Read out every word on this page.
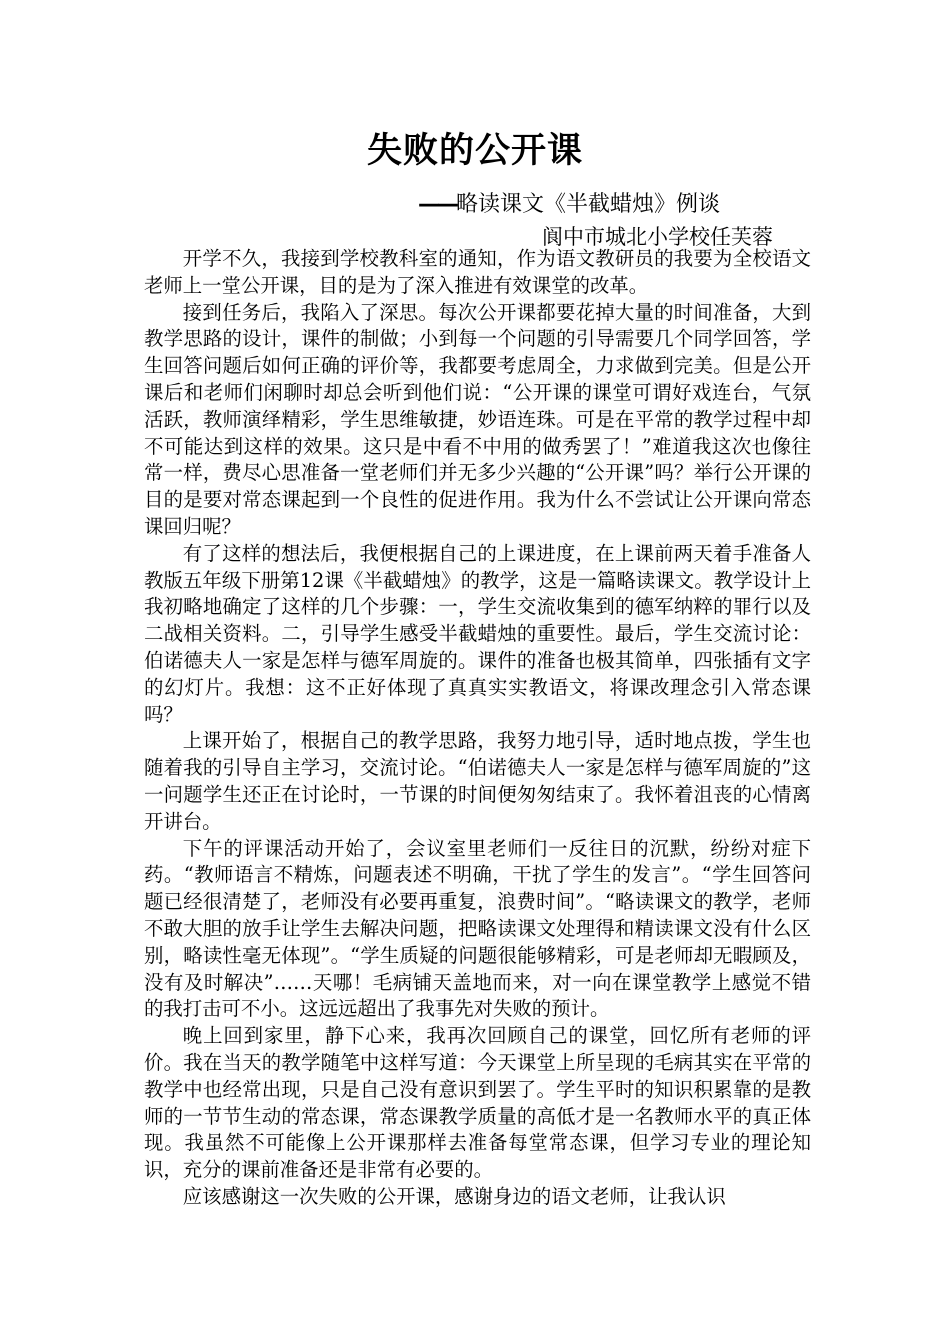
失败的公开课
——略读课文《半截蜡烛》例谈
阆中市城北小学校任芙蓉

开学不久，我接到学校教科室的通知，作为语文教研员的我要为全校语文老师上一堂公开课，目的是为了深入推进有效课堂的改革。

接到任务后，我陷入了深思。每次公开课都要花掉大量的时间准备，大到教学思路的设计，课件的制做；小到每一个问题的引导需要几个同学回答，学生回答问题后如何正确的评价等，我都要考虑周全，力求做到完美。但是公开课后和老师们闲聊时却总会听到他们说：“公开课的课堂可谓好戏连台，气氛活跃，教师演绎精彩，学生思维敏捷，妙语连珠。可是在平常的教学过程中却不可能达到这样的效果。这只是中看不中用的做秀罢了！”难道我这次也像往常一样，费尽心思准备一堂老师们并无多少兴趣的“公开课”吗？举行公开课的目的是要对常态课起到一个良性的促进作用。我为什么不尝试让公开课向常态课回归呢？

有了这样的想法后，我便根据自己的上课进度，在上课前两天着手准备人教版五年级下册第12课《半截蜡烛》的教学，这是一篇略读课文。教学设计上我初略地确定了这样的几个步骤：一，学生交流收集到的德军纳粹的罪行以及二战相关资料。二，引导学生感受半截蜡烛的重要性。最后，学生交流讨论：伯诺德夫人一家是怎样与德军周旋的。课件的准备也极其简单，四张插有文字的幻灯片。我想：这不正好体现了真真实实教语文，将课改理念引入常态课吗？

上课开始了，根据自己的教学思路，我努力地引导，适时地点拨，学生也随着我的引导自主学习，交流讨论。“伯诺德夫人一家是怎样与德军周旋的”这一问题学生还正在讨论时，一节课的时间便匆匆结束了。我怀着沮丧的心情离开讲台。

下午的评课活动开始了，会议室里老师们一反往日的沉默，纷纷对症下药。“教师语言不精炼，问题表述不明确，干扰了学生的发言”。“学生回答问题已经很清楚了，老师没有必要再重复，浪费时间”。“略读课文的教学，老师不敢大胆的放手让学生去解决问题，把略读课文处理得和精读课文没有什么区别，略读性毫无体现”。“学生质疑的问题很能够精彩，可是老师却无暇顾及，没有及时解决”……天哪！毛病铺天盖地而来，对一向在课堂教学上感觉不错的我打击可不小。这远远超出了我事先对失败的预计。

晚上回到家里，静下心来，我再次回顾自己的课堂，回忆所有老师的评价。我在当天的教学随笔中这样写道：今天课堂上所呈现的毛病其实在平常的教学中也经常出现，只是自己没有意识到罢了。学生平时的知识积累靠的是教师的一节节生动的常态课，常态课教学质量的高低才是一名教师水平的真正体现。我虽然不可能像上公开课那样去准备每堂常态课，但学习专业的理论知识，充分的课前准备还是非常有必要的。

应该感谢这一次失败的公开课，感谢身边的语文老师，让我认识
